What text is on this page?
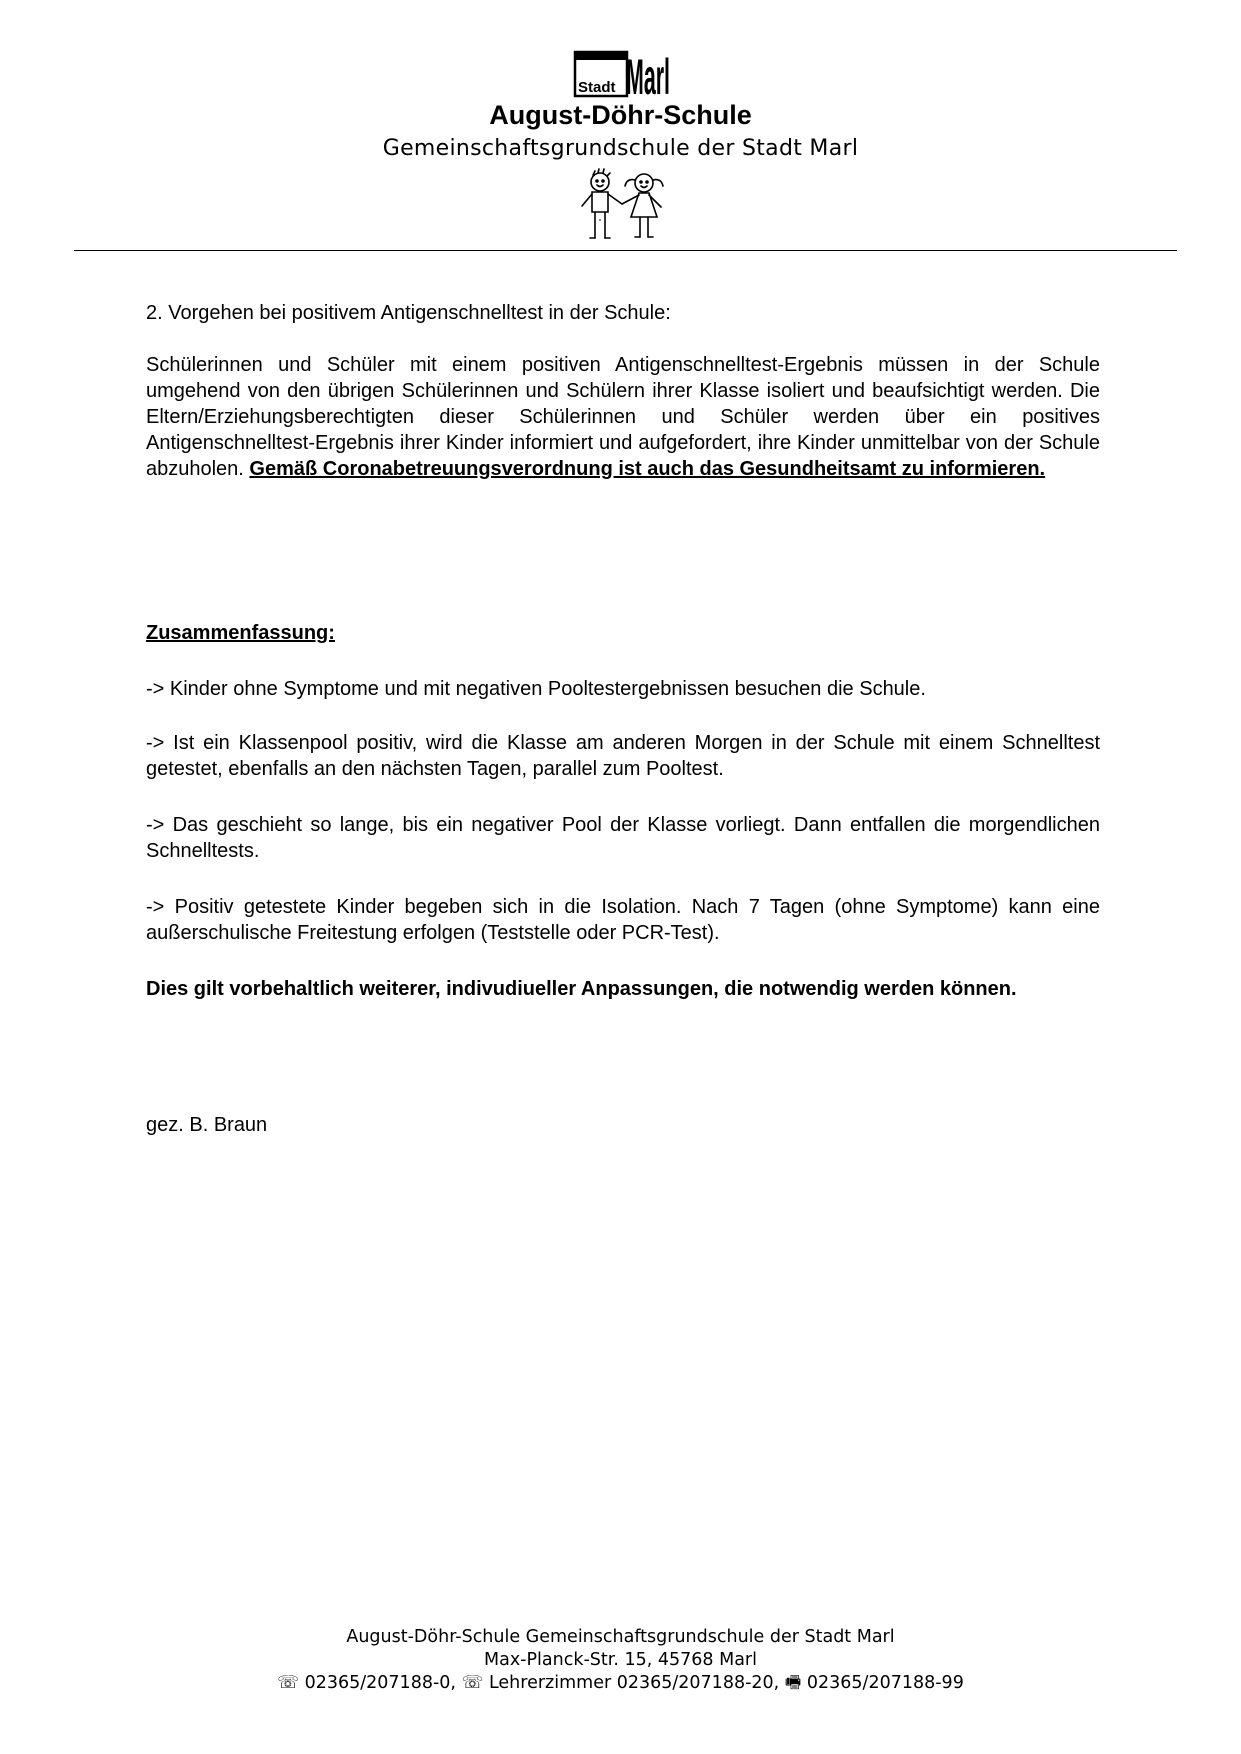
Stadt Marl
August-Döhr-Schule
Gemeinschaftsgrundschule der Stadt Marl
2. Vorgehen bei positivem Antigenschnelltest in der Schule:

Schülerinnen und Schüler mit einem positiven Antigenschnelltest-Ergebnis müssen in der Schule umgehend von den übrigen Schülerinnen und Schülern ihrer Klasse isoliert und beaufsichtigt werden. Die Eltern/Erziehungsberechtigten dieser Schülerinnen und Schüler werden über ein positives Antigenschnelltest-Ergebnis ihrer Kinder informiert und aufgefordert, ihre Kinder unmittelbar von der Schule abzuholen. Gemäß Coronabetreuungsverordnung ist auch das Gesundheitsamt zu informieren.

Zusammenfassung:

-> Kinder ohne Symptome und mit negativen Pooltestergebnissen besuchen die Schule.

-> Ist ein Klassenpool positiv, wird die Klasse am anderen Morgen in der Schule mit einem Schnelltest getestet, ebenfalls an den nächsten Tagen, parallel zum Pooltest.

-> Das geschieht so lange, bis ein negativer Pool der Klasse vorliegt. Dann entfallen die morgendlichen Schnelltests.

-> Positiv getestete Kinder begeben sich in die Isolation. Nach 7 Tagen (ohne Symptome) kann eine außerschulische Freitestung erfolgen (Teststelle oder PCR-Test).

Dies gilt vorbehaltlich weiterer, indivudiueller Anpassungen, die notwendig werden können.

gez. B. Braun
August-Döhr-Schule Gemeinschaftsgrundschule der Stadt Marl
Max-Planck-Str. 15, 45768 Marl
☏ 02365/207188-0, ☏ Lehrerzimmer 02365/207188-20, 🖷 02365/207188-99
